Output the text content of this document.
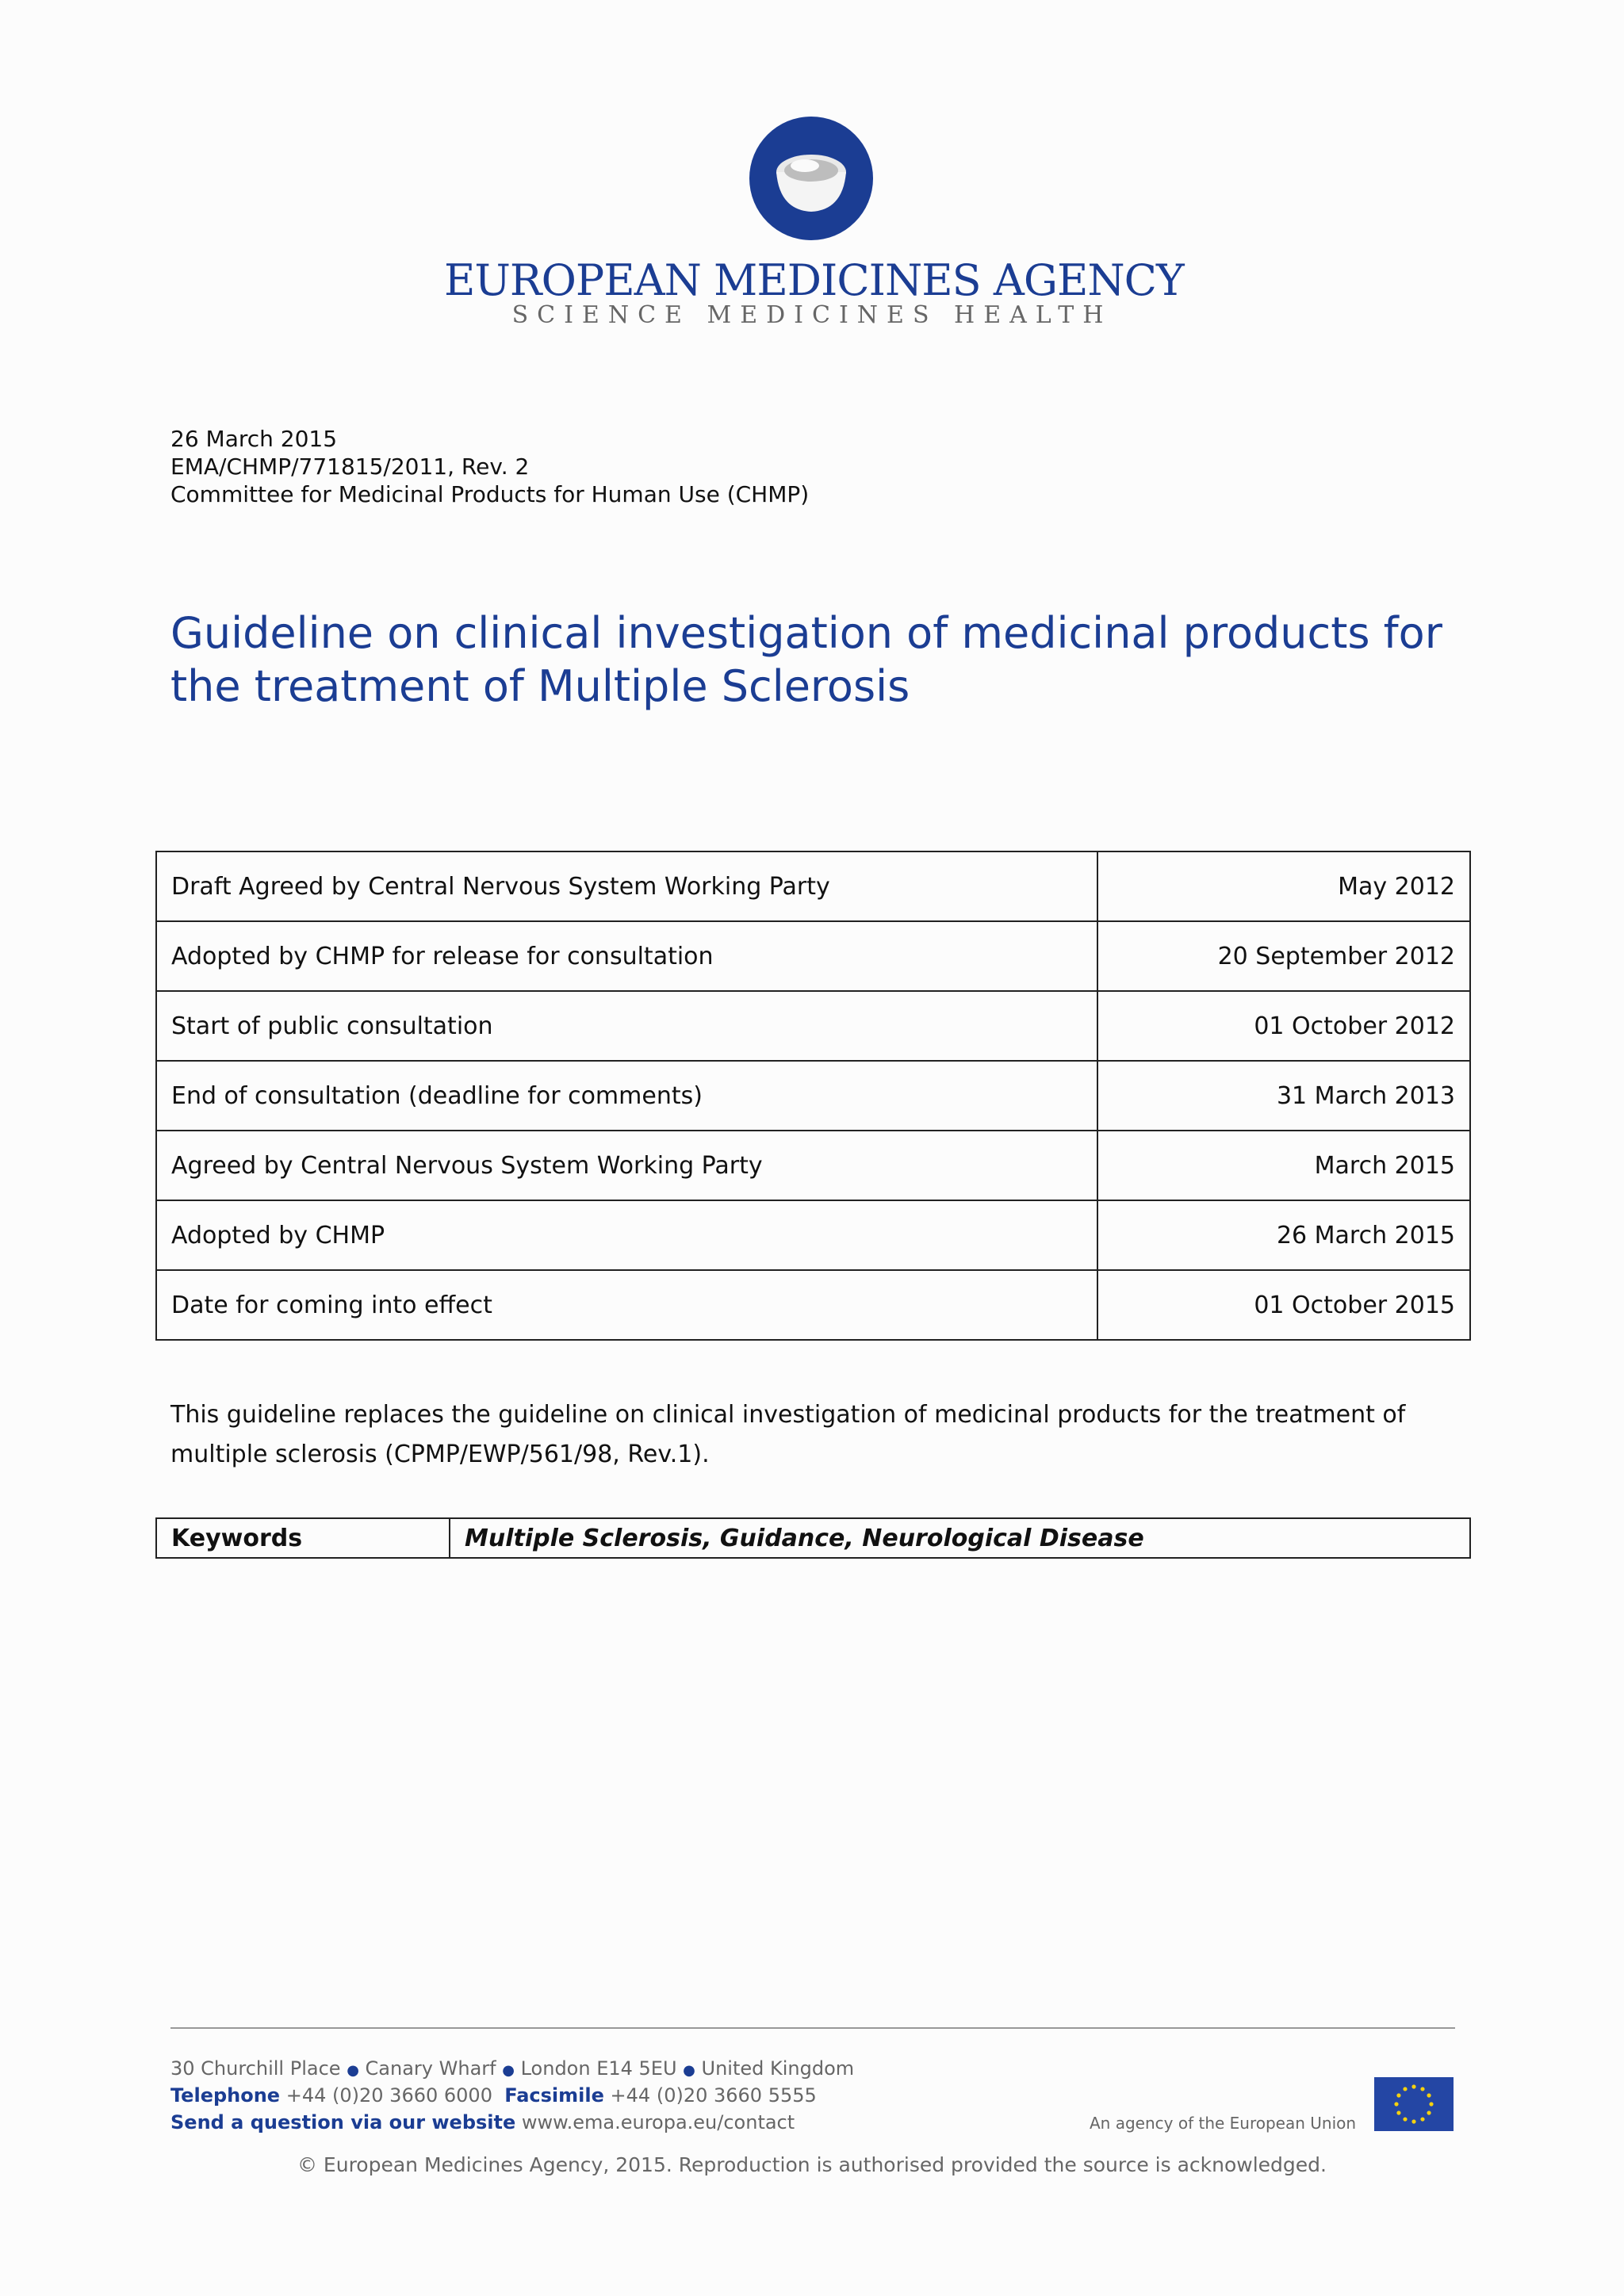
EUROPEAN MEDICINES AGENCY
SCIENCE MEDICINES HEALTH
26 March 2015
EMA/CHMP/771815/2011, Rev. 2
Committee for Medicinal Products for Human Use (CHMP)
Guideline on clinical investigation of medicinal products for the treatment of Multiple Sclerosis
Draft Agreed by Central Nervous System Working Party	May 2012
Adopted by CHMP for release for consultation	20 September 2012
Start of public consultation	01 October 2012
End of consultation (deadline for comments)	31 March 2013
Agreed by Central Nervous System Working Party	March 2015
Adopted by CHMP	26 March 2015
Date for coming into effect	01 October 2015
This guideline replaces the guideline on clinical investigation of medicinal products for the treatment of multiple sclerosis (CPMP/EWP/561/98, Rev.1).
Keywords	Multiple Sclerosis, Guidance, Neurological Disease
30 Churchill Place ● Canary Wharf ● London E14 5EU ● United Kingdom
Telephone +44 (0)20 3660 6000 Facsimile +44 (0)20 3660 5555
Send a question via our website www.ema.europa.eu/contact	An agency of the European Union
© European Medicines Agency, 2015. Reproduction is authorised provided the source is acknowledged.
